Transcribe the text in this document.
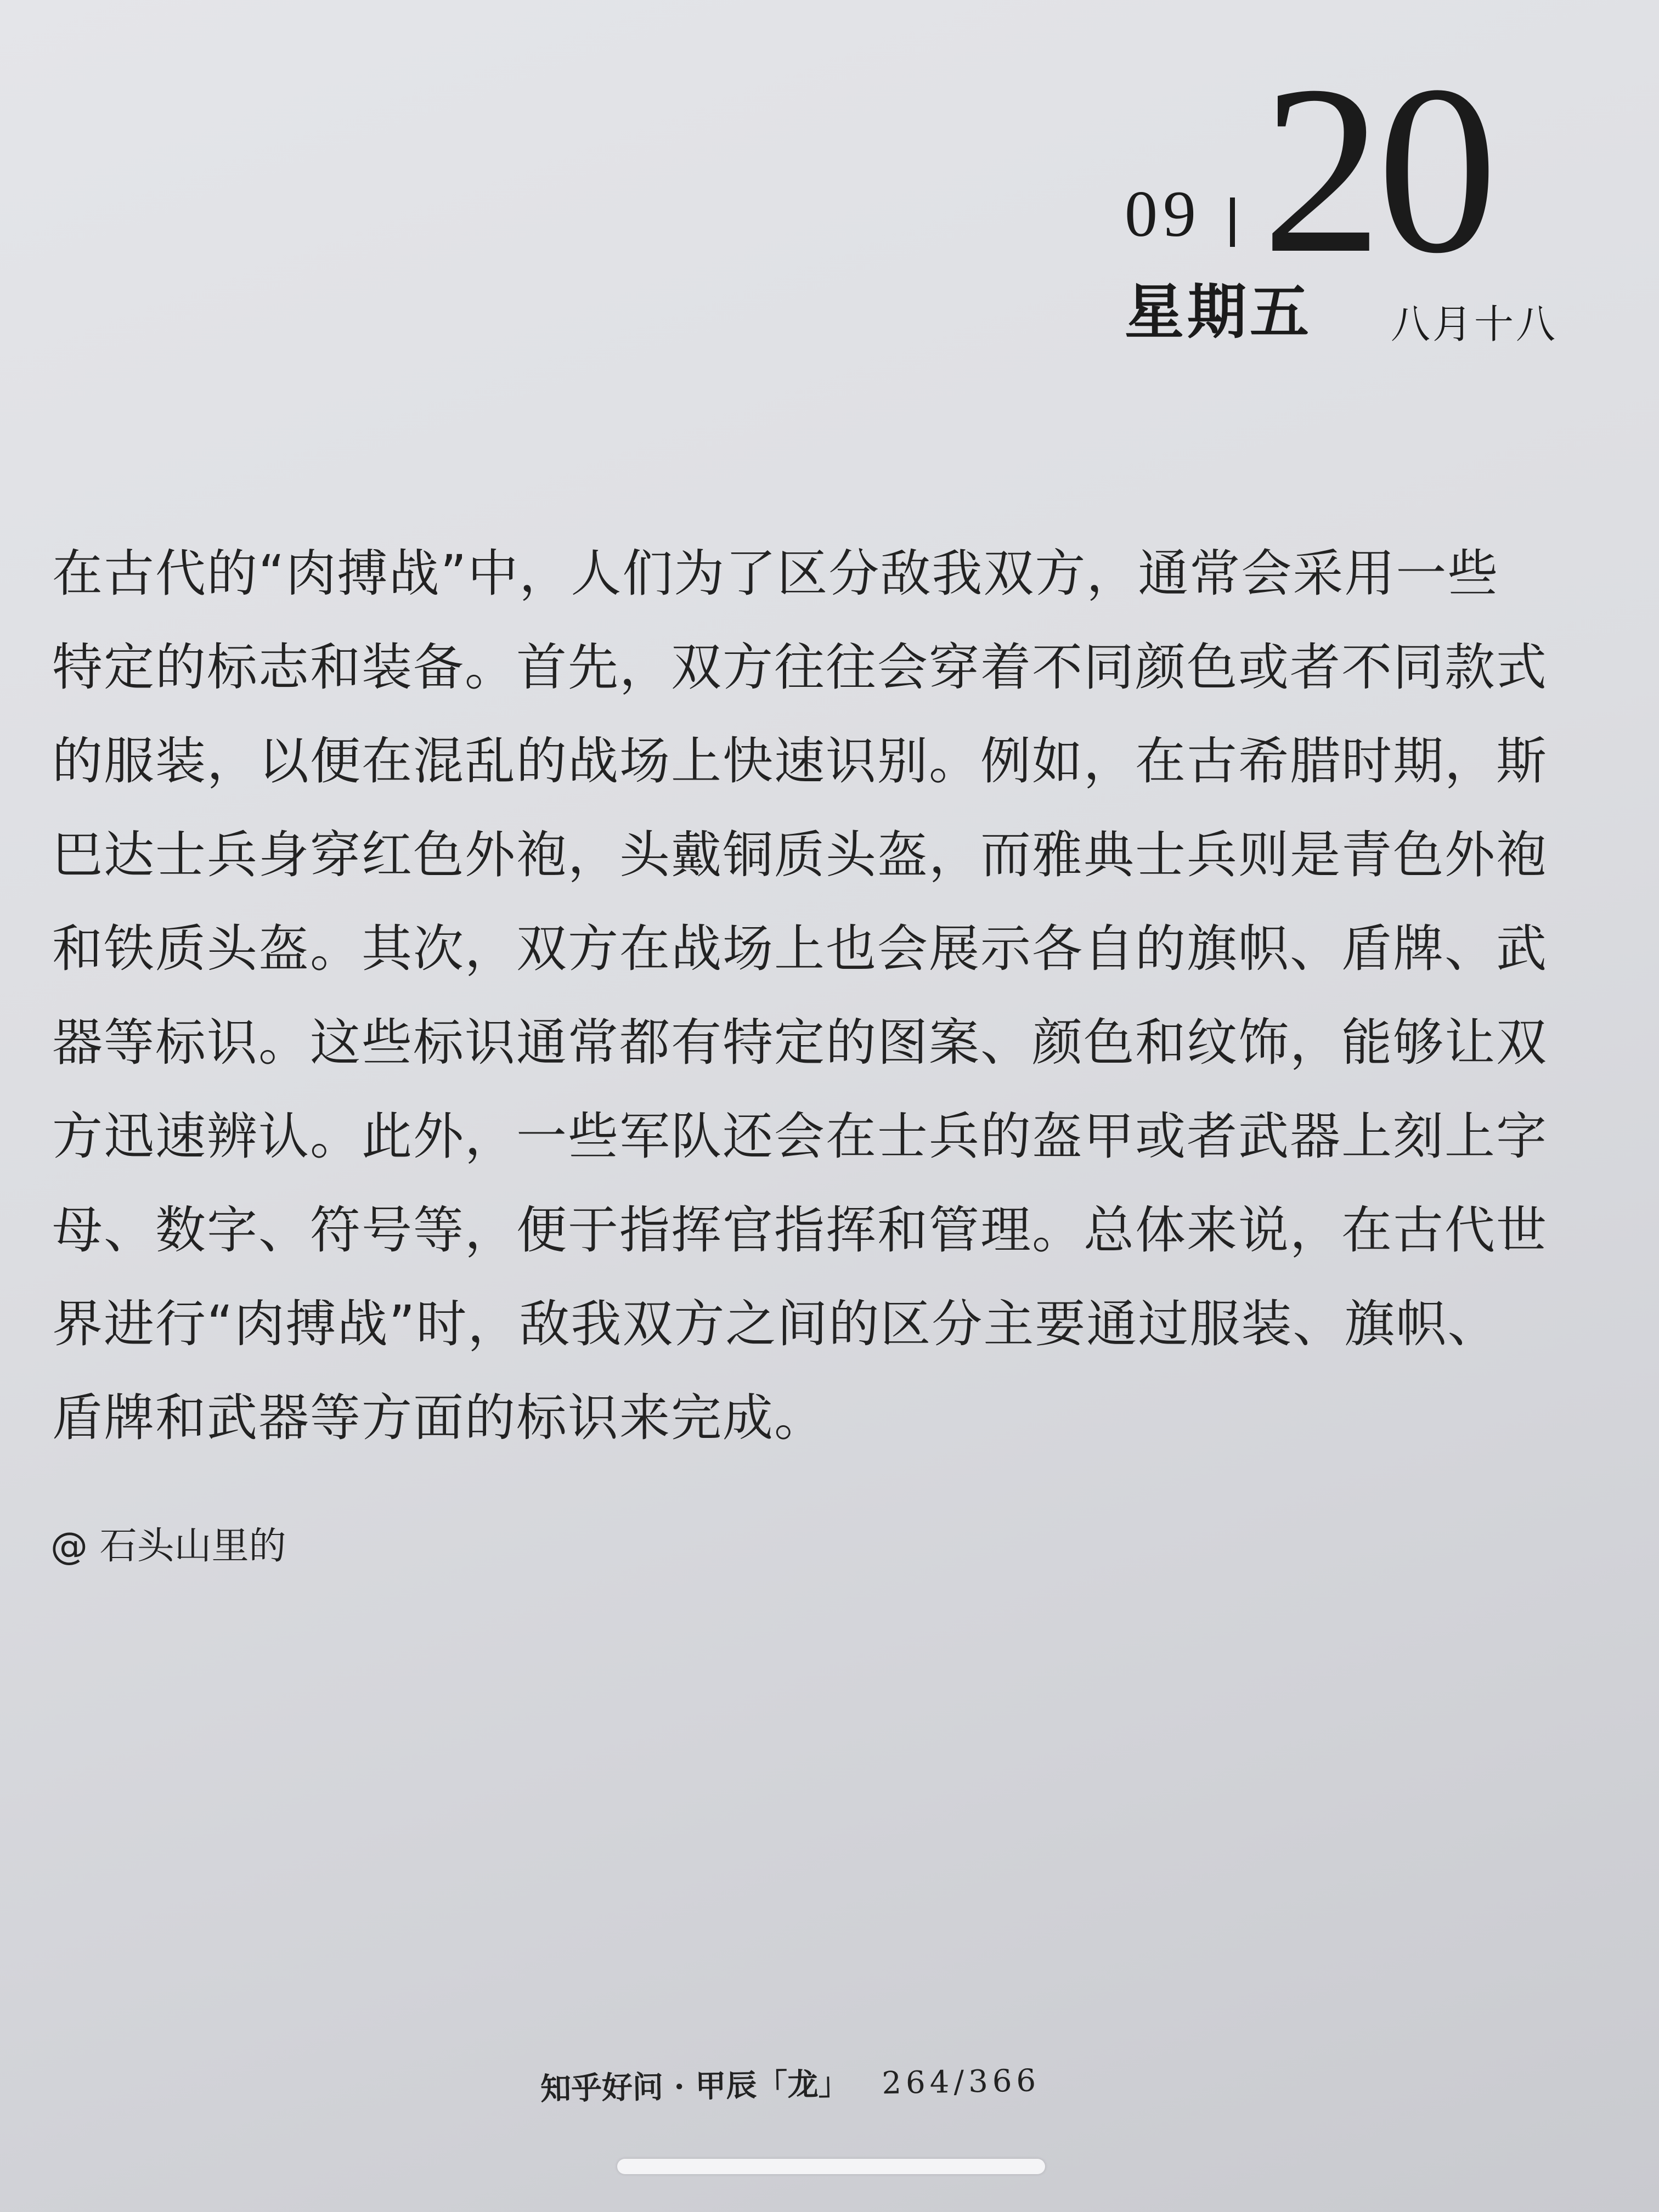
09 20
星期五 八月十八
在古代的“肉搏战”中，人们为了区分敌我双方，通常会采用一些
特定的标志和装备。首先，双方往往会穿着不同颜色或者不同款式
的服装，以便在混乱的战场上快速识别。例如，在古希腊时期，斯
巴达士兵身穿红色外袍，头戴铜质头盔，而雅典士兵则是青色外袍
和铁质头盔。其次，双方在战场上也会展示各自的旗帜、盾牌、武
器等标识。这些标识通常都有特定的图案、颜色和纹饰，能够让双
方迅速辨认。此外，一些军队还会在士兵的盔甲或者武器上刻上字
母、数字、符号等，便于指挥官指挥和管理。总体来说，在古代世
界进行“肉搏战”时，敌我双方之间的区分主要通过服装、旗帜、
盾牌和武器等方面的标识来完成。
@ 石头山里的
知乎好问 · 甲辰「龙」 264/366
